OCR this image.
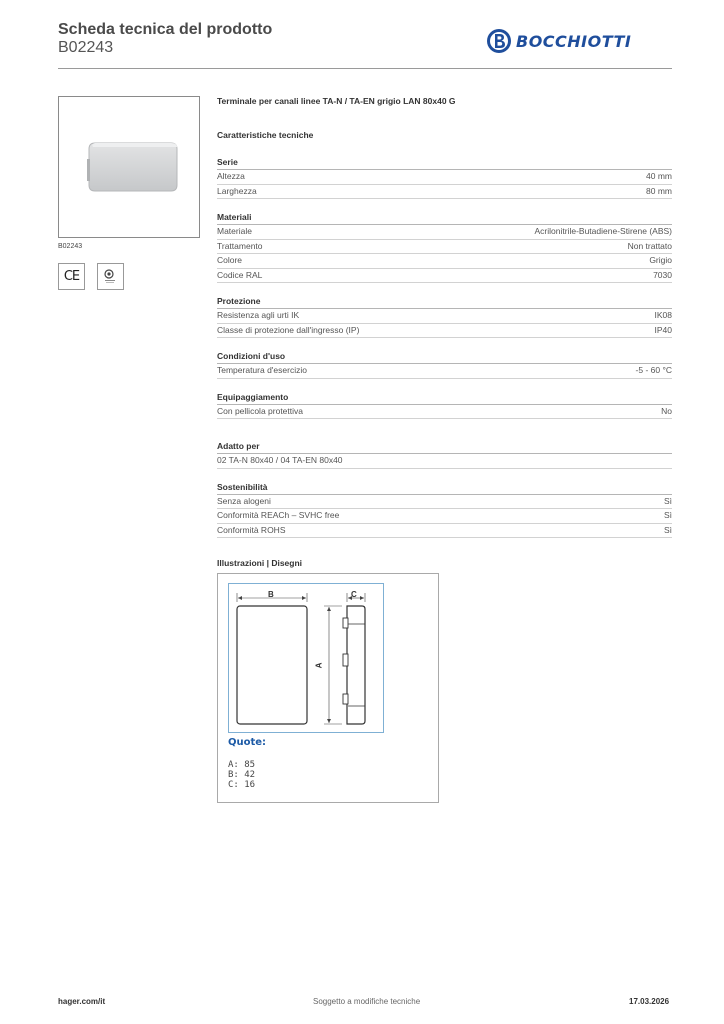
Scheda tecnica del prodotto
B02243	BOCCHIOTTI
B02243
CE
Terminale per canali linee TA-N / TA-EN grigio LAN 80x40 G
Caratteristiche tecniche
Serie
Altezza	40 mm
Larghezza	80 mm
Materiali
Materiale	Acrilonitrile-Butadiene-Stirene (ABS)
Trattamento	Non trattato
Colore	Grigio
Codice RAL	7030
Protezione
Resistenza agli urti IK	IK08
Classe di protezione dall'ingresso (IP)	IP40
Condizioni d'uso
Temperatura d'esercizio	-5 - 60 °C
Equipaggiamento
Con pellicola protettiva	No
Adatto per
02 TA-N 80x40 / 04 TA-EN 80x40
Sostenibilità
Senza alogeni	Sì
Conformità REACh – SVHC free	Sì
Conformità ROHS	Sì
Illustrazioni | Disegni
B	C
A
Quote:
A: 85
B: 42
C: 16
hager.com/it	Soggetto a modifiche tecniche	17.03.2026
